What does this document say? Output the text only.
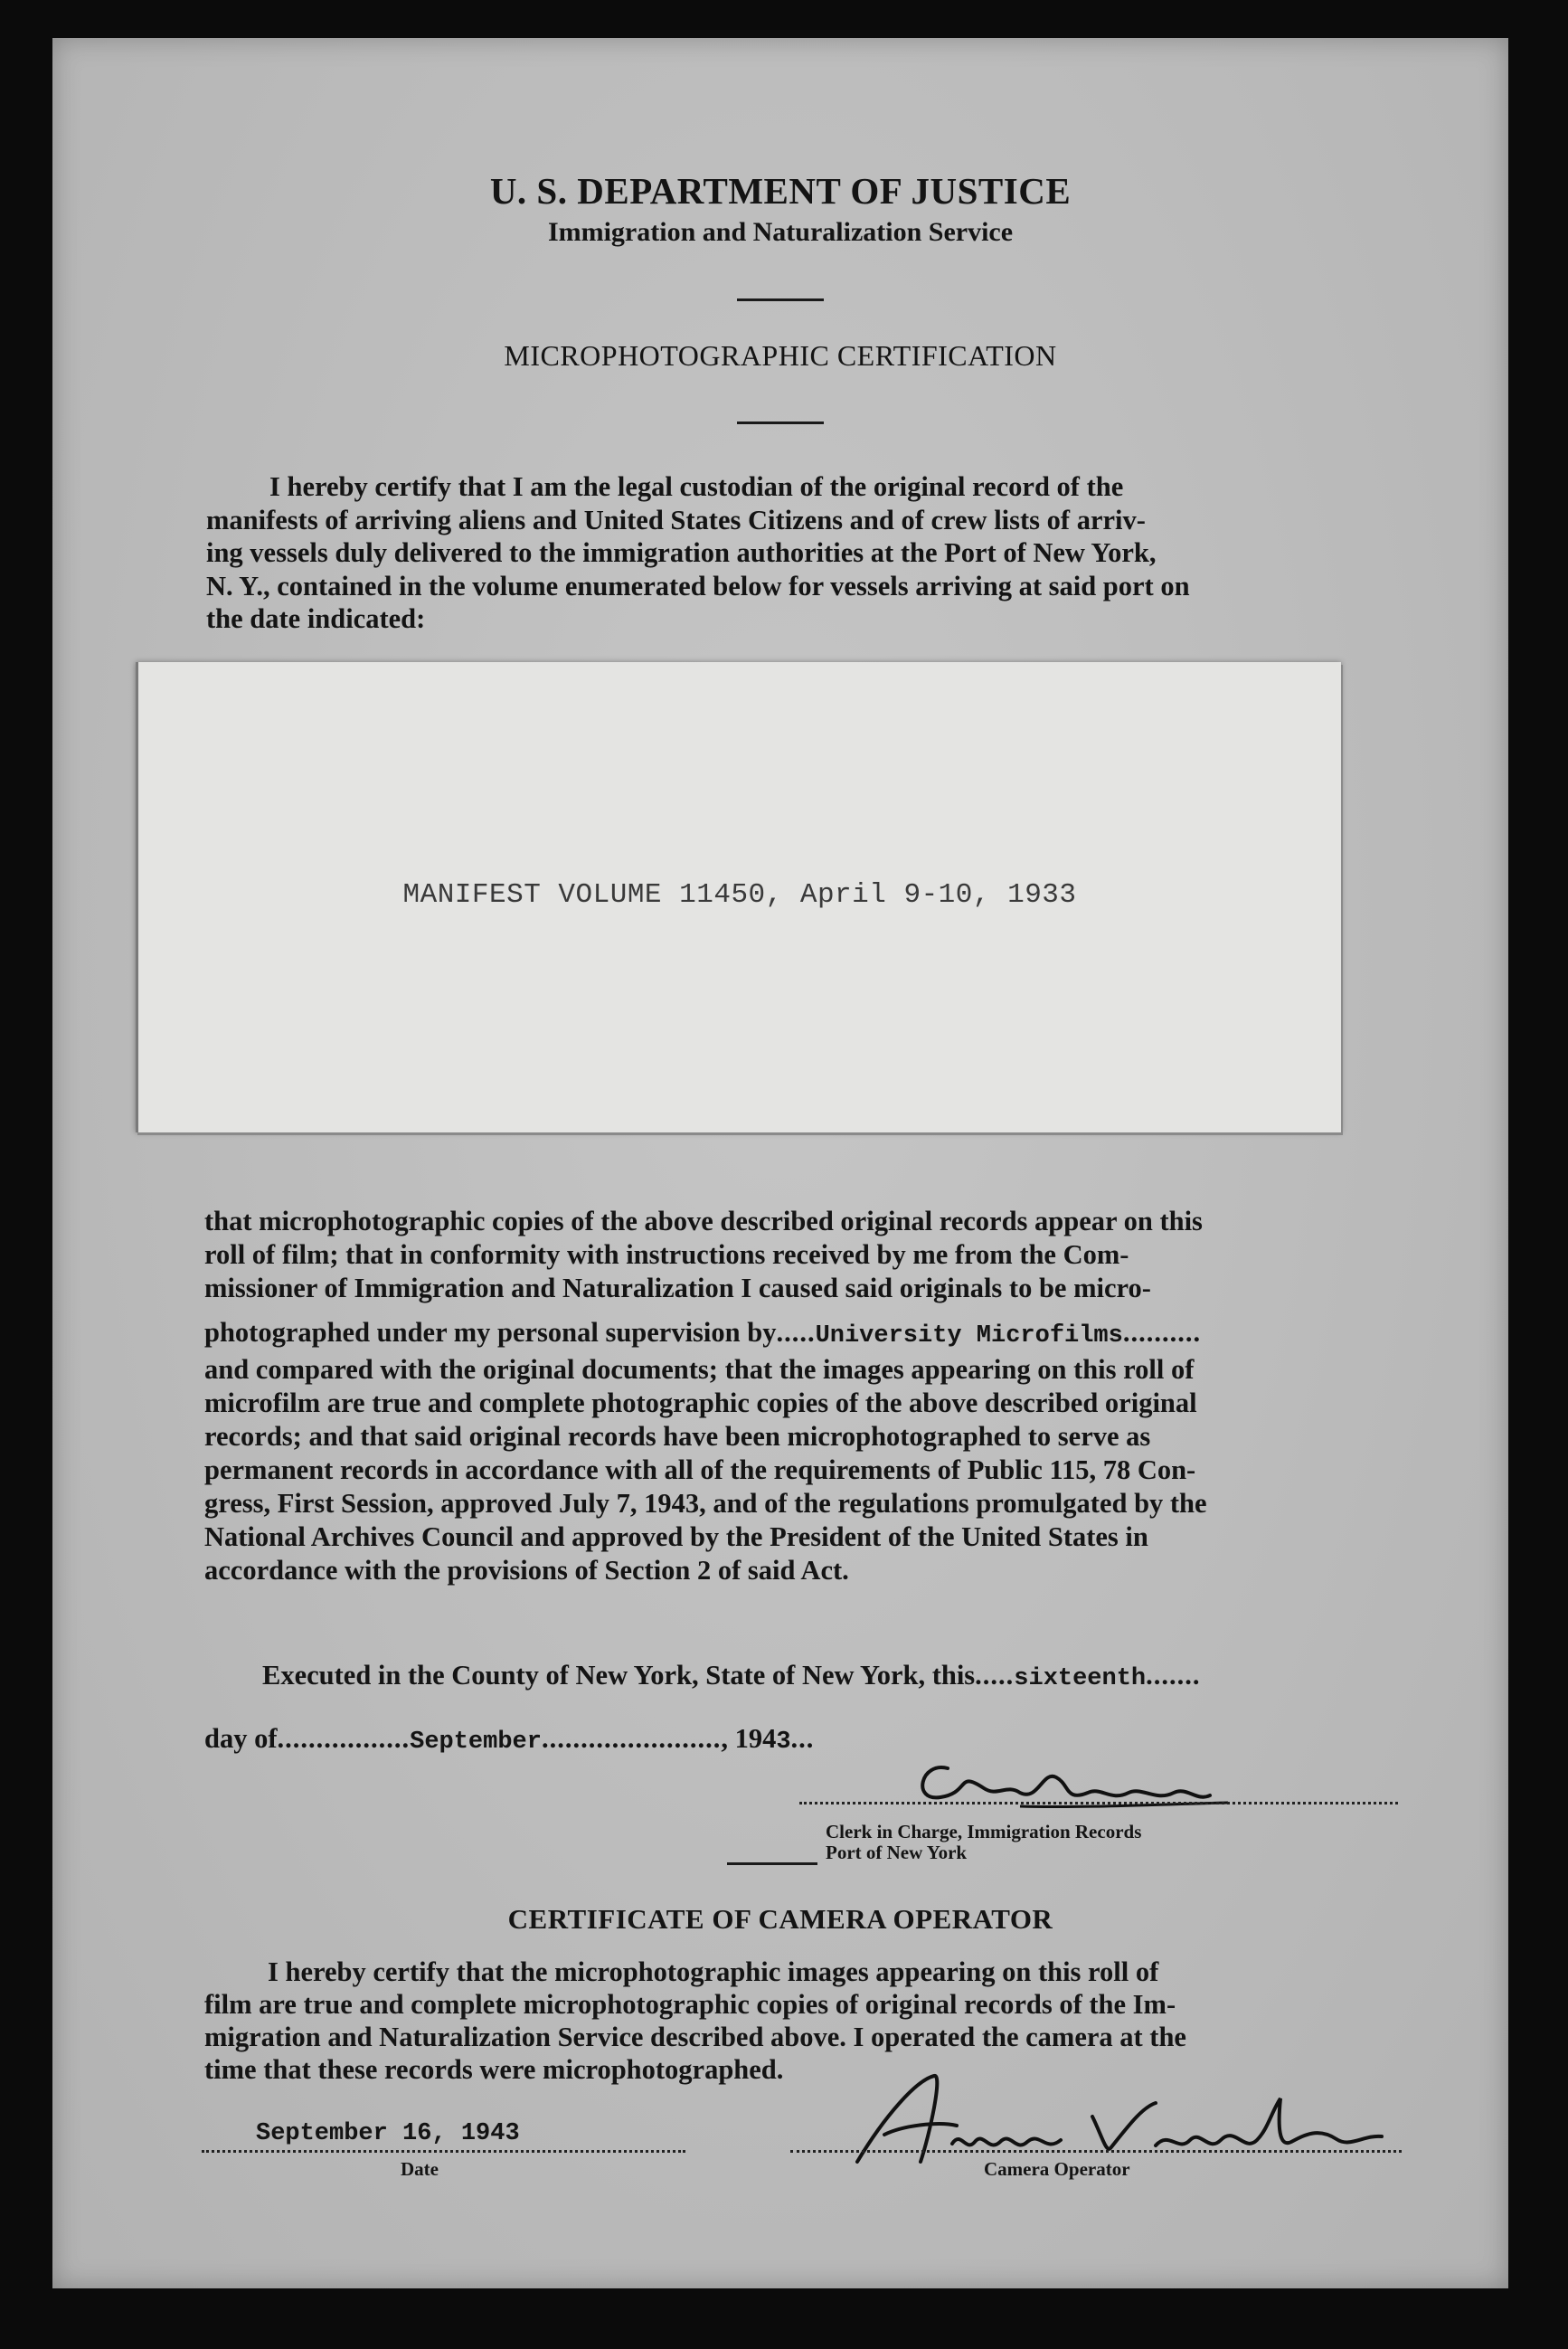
U. S. DEPARTMENT OF JUSTICE
Immigration and Naturalization Service
MICROPHOTOGRAPHIC CERTIFICATION
I hereby certify that I am the legal custodian of the original record of the
manifests of arriving aliens and United States Citizens and of crew lists of arriv-
ing vessels duly delivered to the immigration authorities at the Port of New York,
N. Y., contained in the volume enumerated below for vessels arriving at said port on
the date indicated:
MANIFEST VOLUME 11450, April 9-10, 1933
that microphotographic copies of the above described original records appear on this
roll of film; that in conformity with instructions received by me from the Com-
missioner of Immigration and Naturalization I caused said originals to be micro-
photographed under my personal supervision by.....University Microfilms..........
and compared with the original documents; that the images appearing on this roll of
microfilm are true and complete photographic copies of the above described original
records; and that said original records have been microphotographed to serve as
permanent records in accordance with all of the requirements of Public 115, 78 Con-
gress, First Session, approved July 7, 1943, and of the regulations promulgated by the
National Archives Council and approved by the President of the United States in
accordance with the provisions of Section 2 of said Act.
Executed in the County of New York, State of New York, this.....sixteenth.......
day of.................September......................., 1943...
Clerk in Charge, Immigration Records
Port of New York
CERTIFICATE OF CAMERA OPERATOR
I hereby certify that the microphotographic images appearing on this roll of
film are true and complete microphotographic copies of original records of the Im-
migration and Naturalization Service described above. I operated the camera at the
time that these records were microphotographed.
September 16, 1943
Date	Camera Operator
